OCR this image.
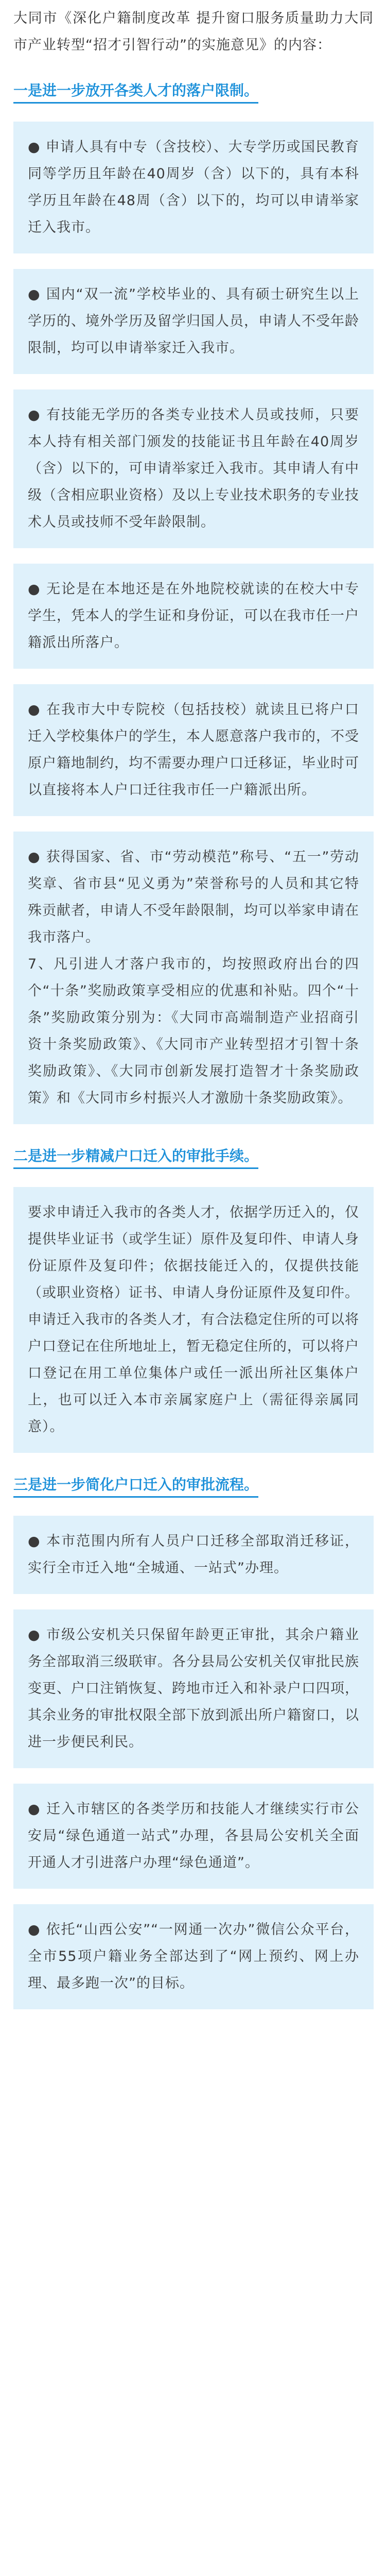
大同市《深化户籍制度改革 提升窗口服务质量助力大同市产业转型“招才引智行动”的实施意见》的内容：

一是进一步放开各类人才的落户限制。

● 申请人具有中专（含技校）、大专学历或国民教育同等学历且年龄在40周岁（含）以下的，具有本科学历且年龄在48周（含）以下的，均可以申请举家迁入我市。

● 国内“双一流”学校毕业的、具有硕士研究生以上学历的、境外学历及留学归国人员，申请人不受年龄限制，均可以申请举家迁入我市。

● 有技能无学历的各类专业技术人员或技师，只要本人持有相关部门颁发的技能证书且年龄在40周岁（含）以下的，可申请举家迁入我市。其申请人有中级（含相应职业资格）及以上专业技术职务的专业技术人员或技师不受年龄限制。

● 无论是在本地还是在外地院校就读的在校大中专学生，凭本人的学生证和身份证，可以在我市任一户籍派出所落户。

● 在我市大中专院校（包括技校）就读且已将户口迁入学校集体户的学生，本人愿意落户我市的，不受原户籍地制约，均不需要办理户口迁移证，毕业时可以直接将本人户口迁往我市任一户籍派出所。

● 获得国家、省、市“劳动模范”称号、“五一”劳动奖章、省市县“见义勇为”荣誉称号的人员和其它特殊贡献者，申请人不受年龄限制，均可以举家申请在我市落户。
7、凡引进人才落户我市的，均按照政府出台的四个“十条”奖励政策享受相应的优惠和补贴。四个“十条”奖励政策分别为：《大同市高端制造产业招商引资十条奖励政策》、《大同市产业转型招才引智十条奖励政策》、《大同市创新发展打造智才十条奖励政策》和《大同市乡村振兴人才激励十条奖励政策》。

二是进一步精减户口迁入的审批手续。

要求申请迁入我市的各类人才，依据学历迁入的，仅提供毕业证书（或学生证）原件及复印件、申请人身份证原件及复印件；依据技能迁入的，仅提供技能（或职业资格）证书、申请人身份证原件及复印件。申请迁入我市的各类人才，有合法稳定住所的可以将户口登记在住所地址上，暂无稳定住所的，可以将户口登记在用工单位集体户或任一派出所社区集体户上，也可以迁入本市亲属家庭户上（需征得亲属同意）。

三是进一步简化户口迁入的审批流程。

● 本市范围内所有人员户口迁移全部取消迁移证，实行全市迁入地“全城通、一站式”办理。

● 市级公安机关只保留年龄更正审批，其余户籍业务全部取消三级联审。各分县局公安机关仅审批民族变更、户口注销恢复、跨地市迁入和补录户口四项，其余业务的审批权限全部下放到派出所户籍窗口，以进一步便民利民。

● 迁入市辖区的各类学历和技能人才继续实行市公安局“绿色通道一站式”办理，各县局公安机关全面开通人才引进落户办理“绿色通道”。

● 依托“山西公安”“一网通一次办”微信公众平台，全市55项户籍业务全部达到了“网上预约、网上办理、最多跑一次”的目标。
